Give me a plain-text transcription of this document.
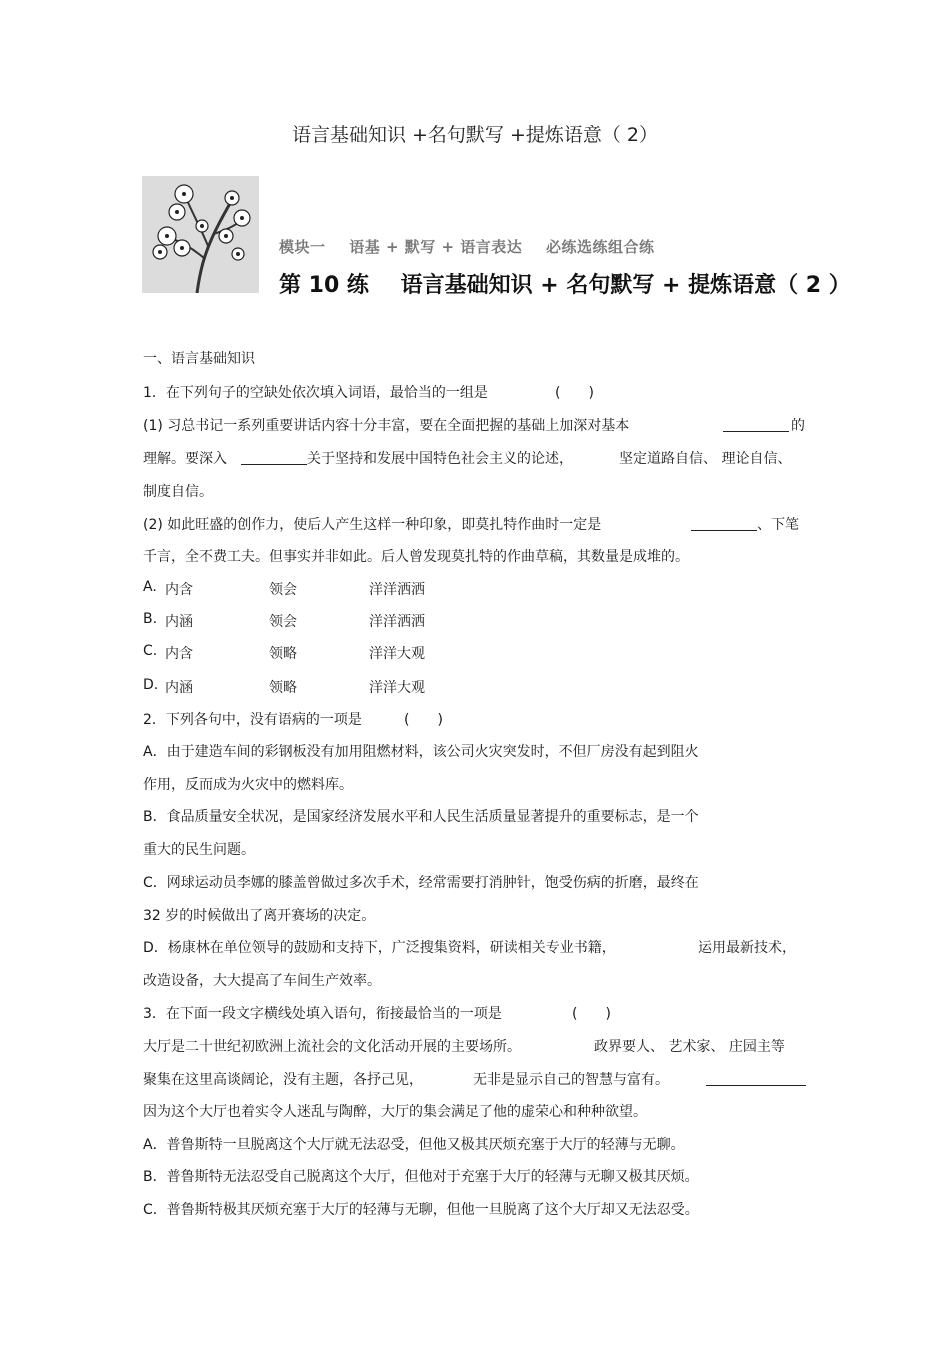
语言基础知识 +名句默写 +提炼语意（ 2）
模块一 语基 + 默写 + 语言表达 必练选练组合练
第 10 练 语言基础知识 + 名句默写 + 提炼语意（ 2 ）
一、语言基础知识
1．在下列句子的空缺处依次填入词语，最恰当的一组是	(　　)
(1) 习总书记一系列重要讲话内容十分丰富，要在全面把握的基础上加深对基本	的
理解。要深入	关于坚持和发展中国特色社会主义的论述，	坚定道路自信、 理论自信、
制度自信。
(2) 如此旺盛的创作力，使后人产生这样一种印象，即莫扎特作曲时一定是	、下笔
千言，全不费工夫。但事实并非如此。后人曾发现莫扎特的作曲草稿，其数量是成堆的。
A. 内含	领会	洋洋洒洒
B. 内涵	领会	洋洋洒洒
C. 内含	领略	洋洋大观
D. 内涵	领略	洋洋大观
2．下列各句中，没有语病的一项是	(　　)
A．由于建造车间的彩钢板没有加用阻燃材料，该公司火灾突发时，不但厂房没有起到阻火
作用，反而成为火灾中的燃料库。
B．食品质量安全状况，是国家经济发展水平和人民生活质量显著提升的重要标志，是一个
重大的民生问题。
C．网球运动员李娜的膝盖曾做过多次手术，经常需要打消肿针，饱受伤病的折磨，最终在
32 岁的时候做出了离开赛场的决定。
D．杨康林在单位领导的鼓励和支持下，广泛搜集资料，研读相关专业书籍，	运用最新技术，
改造设备，大大提高了车间生产效率。
3．在下面一段文字横线处填入语句，衔接最恰当的一项是	(　　)
大厅是二十世纪初欧洲上流社会的文化活动开展的主要场所。	政界要人、 艺术家、 庄园主等
聚集在这里高谈阔论，没有主题，各抒己见，	无非是显示自己的智慧与富有。
因为这个大厅也着实令人迷乱与陶醉，大厅的集会满足了他的虚荣心和种种欲望。
A．普鲁斯特一旦脱离这个大厅就无法忍受，但他又极其厌烦充塞于大厅的轻薄与无聊。
B．普鲁斯特无法忍受自己脱离这个大厅，但他对于充塞于大厅的轻薄与无聊又极其厌烦。
C．普鲁斯特极其厌烦充塞于大厅的轻薄与无聊，但他一旦脱离了这个大厅却又无法忍受。
